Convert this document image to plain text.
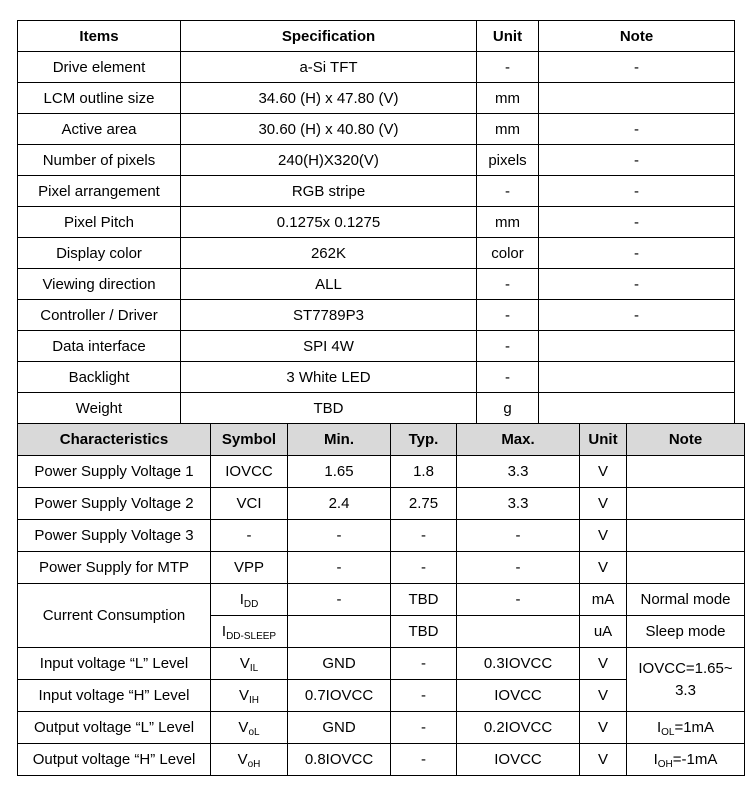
Items	Specification	Unit	Note
Drive element	a-Si TFT	-	-
LCM outline size	34.60 (H) x 47.80 (V)	mm	
Active area	30.60 (H) x 40.80 (V)	mm	-
Number of pixels	240(H)X320(V)	pixels	-
Pixel arrangement	RGB stripe	-	-
Pixel Pitch	0.1275x 0.1275	mm	-
Display color	262K	color	-
Viewing direction	ALL	-	-
Controller / Driver	ST7789P3	-	-
Data interface	SPI 4W	-	
Backlight	3 White LED	-	
Weight	TBD	g	
Characteristics	Symbol	Min.	Typ.	Max.	Unit	Note
Power Supply Voltage 1	IOVCC	1.65	1.8	3.3	V	
Power Supply Voltage 2	VCI	2.4	2.75	3.3	V	
Power Supply Voltage 3	-	-	-	-	V	
Power Supply for MTP	VPP	-	-	-	V	
Current Consumption	$I_{DD}$	-	TBD	-	mA	Normal mode
	$I_{DD-SLEEP}$		TBD		uA	Sleep mode
Input voltage “L” Level	$V_{IL}$	GND	-	0.3IOVCC	V	IOVCC=1.65~
3.3
Input voltage “H” Level	$V_{IH}$	0.7IOVCC	-	IOVCC	V	
Output voltage “L” Level	$V_{oL}$	GND	-	0.2IOVCC	V	$I_{OL}=1mA$
Output voltage “H” Level	$V_{oH}$	0.8IOVCC	-	IOVCC	V	$I_{OH}=-1mA$
